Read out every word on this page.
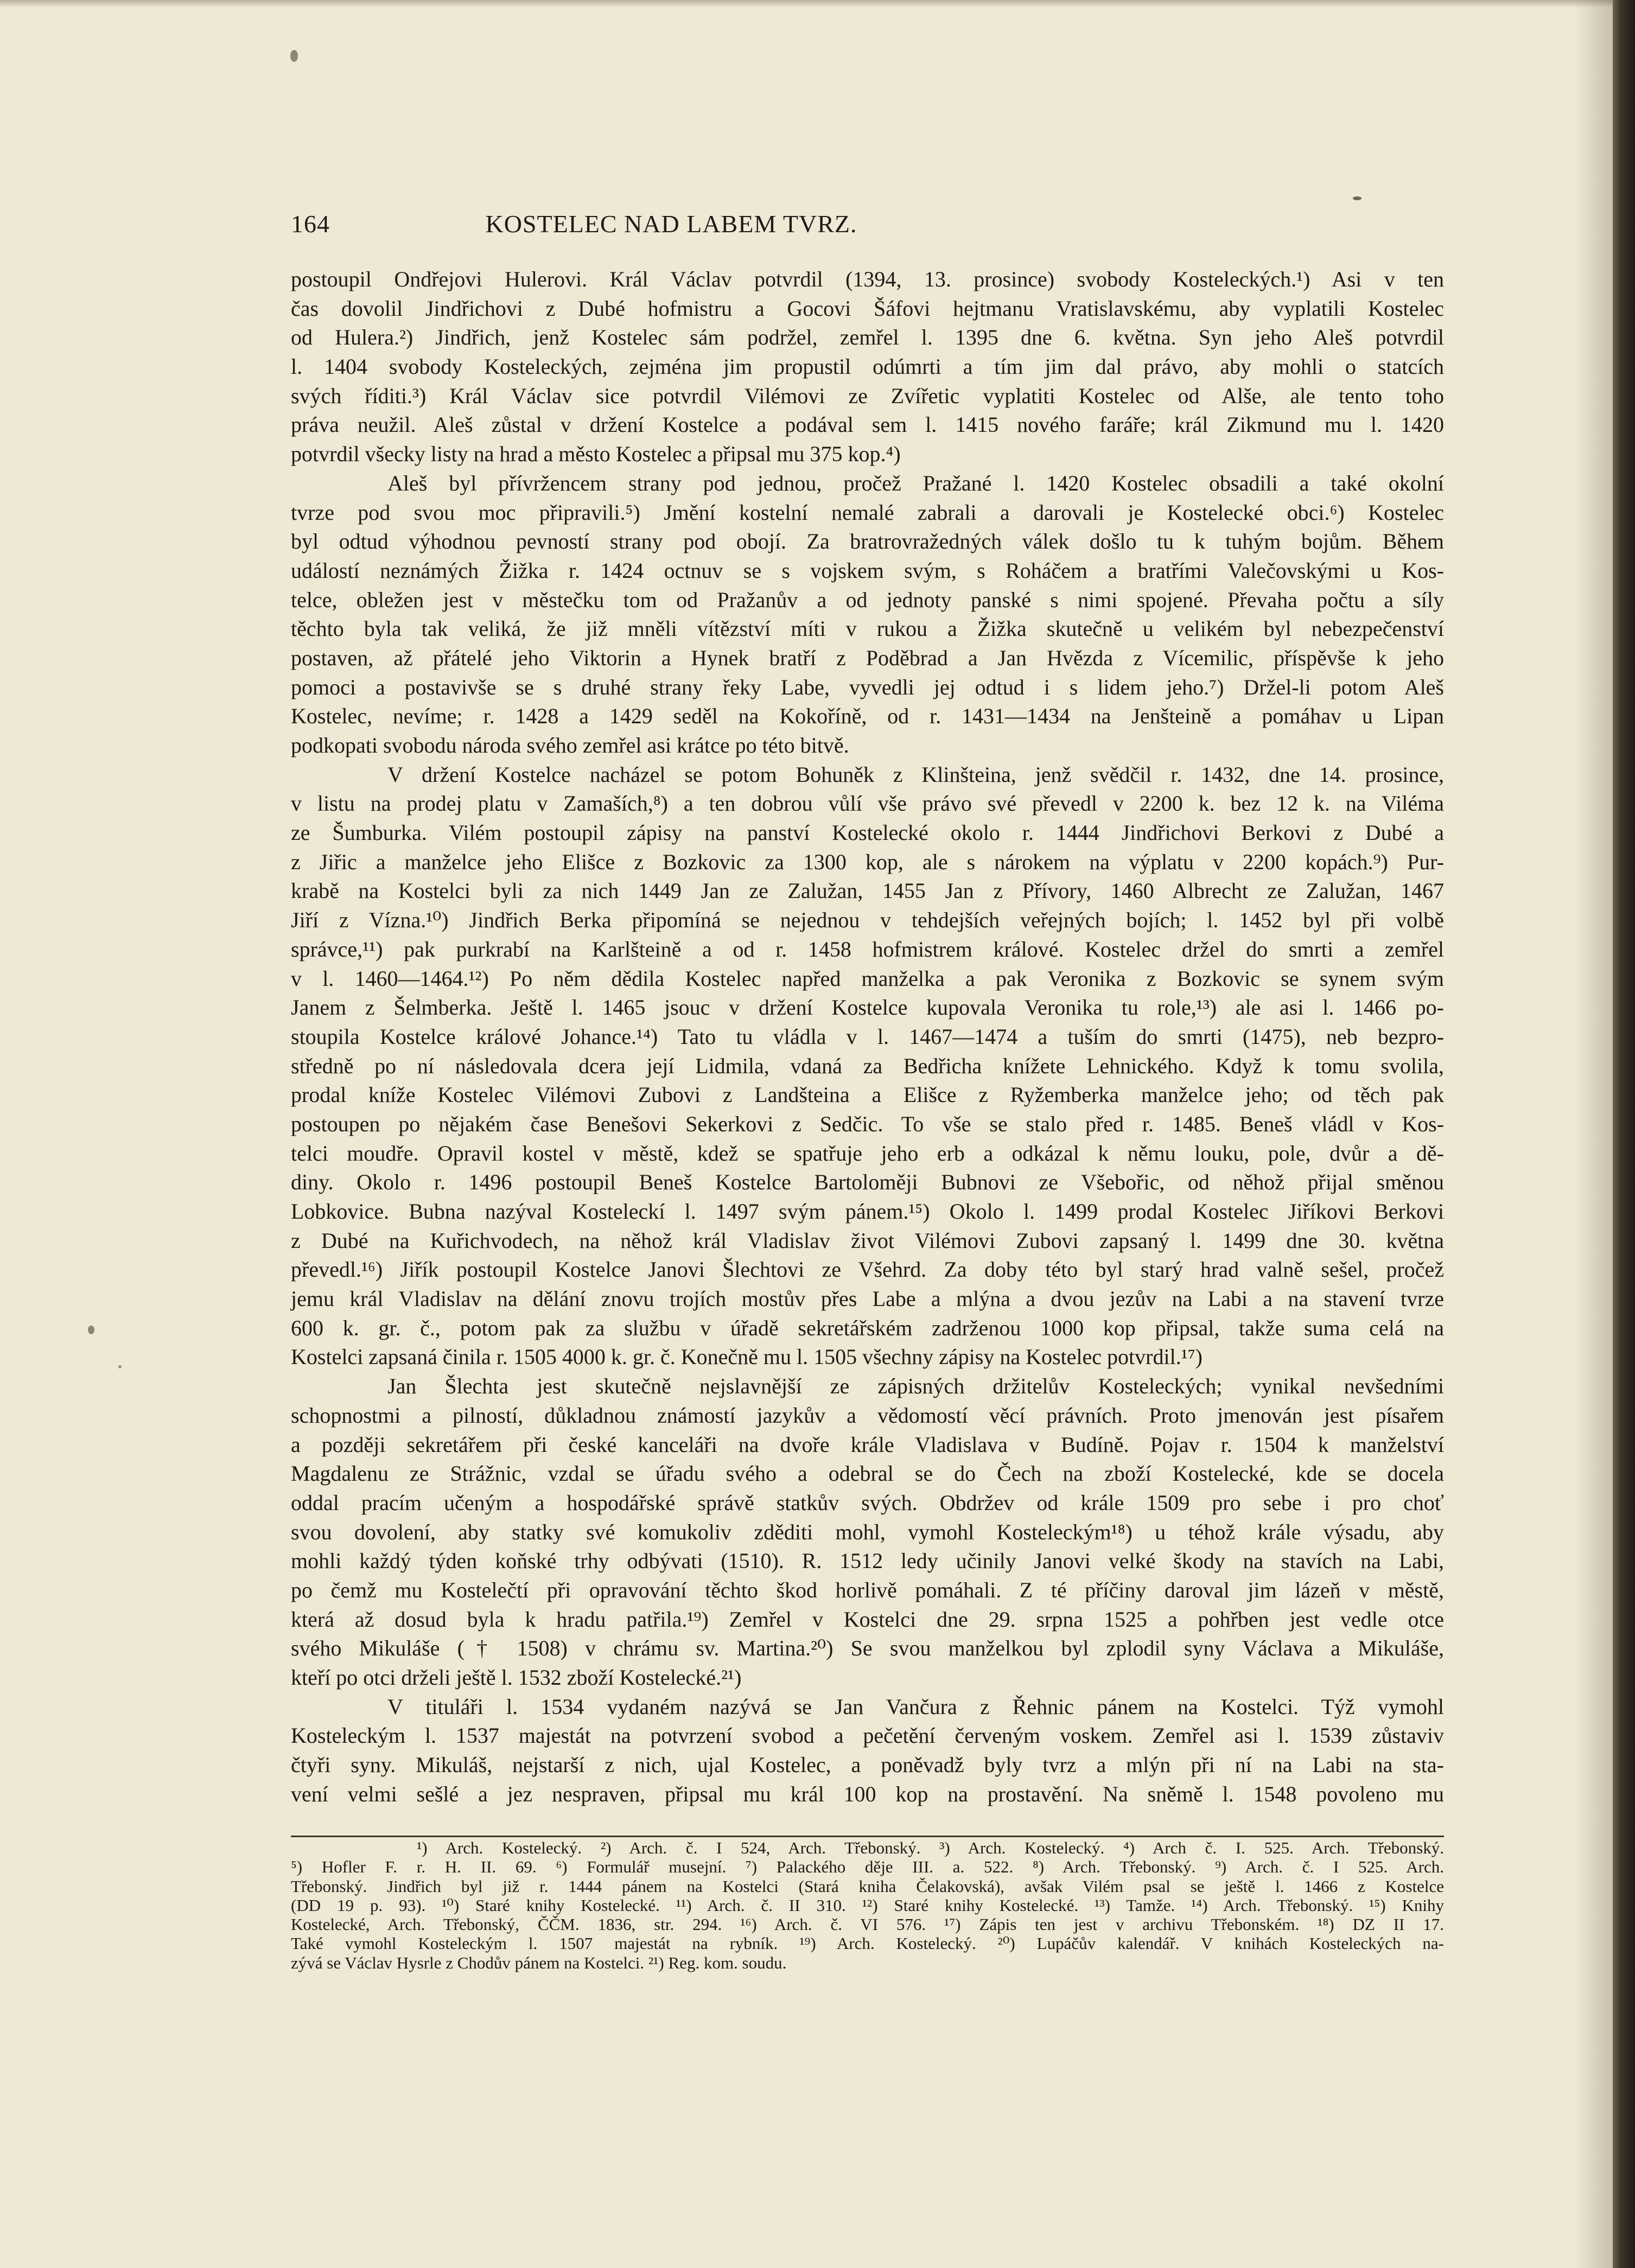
164	KOSTELEC NAD LABEM TVRZ.
postoupil Ondřejovi Hulerovi. Král Václav potvrdil (1394, 13. prosince) svobody Kosteleckých.¹) Asi v ten
čas dovolil Jindřichovi z Dubé hofmistru a Gocovi Šáfovi hejtmanu Vratislavskému, aby vyplatili Kostelec
od Hulera.²) Jindřich, jenž Kostelec sám podržel, zemřel l. 1395 dne 6. května. Syn jeho Aleš potvrdil
l. 1404 svobody Kosteleckých, zejména jim propustil odúmrti a tím jim dal právo, aby mohli o statcích
svých říditi.³) Král Václav sice potvrdil Vilémovi ze Zvířetic vyplatiti Kostelec od Alše, ale tento toho
práva neužil. Aleš zůstal v držení Kostelce a podával sem l. 1415 nového faráře; král Zikmund mu l. 1420
potvrdil všecky listy na hrad a město Kostelec a připsal mu 375 kop.⁴)
Aleš byl přívržencem strany pod jednou, pročež Pražané l. 1420 Kostelec obsadili a také okolní
tvrze pod svou moc připravili.⁵) Jmění kostelní nemalé zabrali a darovali je Kostelecké obci.⁶) Kostelec
byl odtud výhodnou pevností strany pod obojí. Za bratrovražedných válek došlo tu k tuhým bojům. Během
událostí neznámých Žižka r. 1424 octnuv se s vojskem svým, s Roháčem a bratřími Valečovskými u Kos-
telce, obležen jest v městečku tom od Pražanův a od jednoty panské s nimi spojené. Převaha počtu a síly
těchto byla tak veliká, že již mněli vítězství míti v rukou a Žižka skutečně u velikém byl nebezpečenství
postaven, až přátelé jeho Viktorin a Hynek bratří z Poděbrad a Jan Hvězda z Vícemilic, příspěvše k jeho
pomoci a postavivše se s druhé strany řeky Labe, vyvedli jej odtud i s lidem jeho.⁷) Držel-li potom Aleš
Kostelec, nevíme; r. 1428 a 1429 seděl na Kokoříně, od r. 1431—1434 na Jenšteině a pomáhav u Lipan
podkopati svobodu národa svého zemřel asi krátce po této bitvě.
V držení Kostelce nacházel se potom Bohuněk z Klinšteina, jenž svědčil r. 1432, dne 14. prosince,
v listu na prodej platu v Zamaších,⁸) a ten dobrou vůlí vše právo své převedl v 2200 k. bez 12 k. na Viléma
ze Šumburka. Vilém postoupil zápisy na panství Kostelecké okolo r. 1444 Jindřichovi Berkovi z Dubé a
z Jiřic a manželce jeho Elišce z Bozkovic za 1300 kop, ale s nárokem na výplatu v 2200 kopách.⁹) Pur-
krabě na Kostelci byli za nich 1449 Jan ze Zalužan, 1455 Jan z Přívory, 1460 Albrecht ze Zalužan, 1467
Jiří z Vízna.¹⁰) Jindřich Berka připomíná se nejednou v tehdejších veřejných bojích; l. 1452 byl při volbě
správce,¹¹) pak purkrabí na Karlšteině a od r. 1458 hofmistrem králové. Kostelec držel do smrti a zemřel
v l. 1460—1464.¹²) Po něm dědila Kostelec napřed manželka a pak Veronika z Bozkovic se synem svým
Janem z Šelmberka. Ještě l. 1465 jsouc v držení Kostelce kupovala Veronika tu role,¹³) ale asi l. 1466 po-
stoupila Kostelce králové Johance.¹⁴) Tato tu vládla v l. 1467—1474 a tuším do smrti (1475), neb bezpro-
středně po ní následovala dcera její Lidmila, vdaná za Bedřicha knížete Lehnického. Když k tomu svolila,
prodal kníže Kostelec Vilémovi Zubovi z Landšteina a Elišce z Ryžemberka manželce jeho; od těch pak
postoupen po nějakém čase Benešovi Sekerkovi z Sedčic. To vše se stalo před r. 1485. Beneš vládl v Kos-
telci moudře. Opravil kostel v městě, kdež se spatřuje jeho erb a odkázal k němu louku, pole, dvůr a dě-
diny. Okolo r. 1496 postoupil Beneš Kostelce Bartoloměji Bubnovi ze Všebořic, od něhož přijal směnou
Lobkovice. Bubna nazýval Kosteleckí l. 1497 svým pánem.¹⁵) Okolo l. 1499 prodal Kostelec Jiříkovi Berkovi
z Dubé na Kuřichvodech, na něhož král Vladislav život Vilémovi Zubovi zapsaný l. 1499 dne 30. května
převedl.¹⁶) Jiřík postoupil Kostelce Janovi Šlechtovi ze Všehrd. Za doby této byl starý hrad valně sešel, pročež
jemu král Vladislav na dělání znovu trojích mostův přes Labe a mlýna a dvou jezův na Labi a na stavení tvrze
600 k. gr. č., potom pak za službu v úřadě sekretářském zadrženou 1000 kop připsal, takže suma celá na
Kostelci zapsaná činila r. 1505 4000 k. gr. č. Konečně mu l. 1505 všechny zápisy na Kostelec potvrdil.¹⁷)
Jan Šlechta jest skutečně nejslavnější ze zápisných držitelův Kosteleckých; vynikal nevšedními
schopnostmi a pilností, důkladnou známostí jazykův a vědomostí věcí právních. Proto jmenován jest písařem
a později sekretářem při české kanceláři na dvoře krále Vladislava v Budíně. Pojav r. 1504 k manželství
Magdalenu ze Strážnic, vzdal se úřadu svého a odebral se do Čech na zboží Kostelecké, kde se docela
oddal pracím učeným a hospodářské správě statkův svých. Obdržev od krále 1509 pro sebe i pro choť
svou dovolení, aby statky své komukoliv zděditi mohl, vymohl Kosteleckým¹⁸) u téhož krále výsadu, aby
mohli každý týden koňské trhy odbývati (1510). R. 1512 ledy učinily Janovi velké škody na stavích na Labi,
po čemž mu Kostelečtí při opravování těchto škod horlivě pomáhali. Z té příčiny daroval jim lázeň v městě,
která až dosud byla k hradu patřila.¹⁹) Zemřel v Kostelci dne 29. srpna 1525 a pohřben jest vedle otce
svého Mikuláše († 1508) v chrámu sv. Martina.²⁰) Se svou manželkou byl zplodil syny Václava a Mikuláše,
kteří po otci drželi ještě l. 1532 zboží Kostelecké.²¹)
V tituláři l. 1534 vydaném nazývá se Jan Vančura z Řehnic pánem na Kostelci. Týž vymohl
Kosteleckým l. 1537 majestát na potvrzení svobod a pečetění červeným voskem. Zemřel asi l. 1539 zůstaviv
čtyři syny. Mikuláš, nejstarší z nich, ujal Kostelec, a poněvadž byly tvrz a mlýn při ní na Labi na sta-
vení velmi sešlé a jez nespraven, připsal mu král 100 kop na prostavění. Na sněmě l. 1548 povoleno mu
¹) Arch. Kostelecký. ²) Arch. č. I 524, Arch. Třebonský. ³) Arch. Kostelecký. ⁴) Arch č. I. 525. Arch. Třebonský.
⁵) Hofler F. r. H. II. 69. ⁶) Formulář musejní. ⁷) Palackého děje III. a. 522. ⁸) Arch. Třebonský. ⁹) Arch. č. I 525. Arch.
Třebonský. Jindřich byl již r. 1444 pánem na Kostelci (Stará kniha Čelakovská), avšak Vilém psal se ještě l. 1466 z Kostelce
(DD 19 p. 93). ¹⁰) Staré knihy Kostelecké. ¹¹) Arch. č. II 310. ¹²) Staré knihy Kostelecké. ¹³) Tamže. ¹⁴) Arch. Třebonský. ¹⁵) Knihy
Kostelecké, Arch. Třebonský, ČČM. 1836, str. 294. ¹⁶) Arch. č. VI 576. ¹⁷) Zápis ten jest v archivu Třebonském. ¹⁸) DZ II 17.
Také vymohl Kosteleckým l. 1507 majestát na rybník. ¹⁹) Arch. Kostelecký. ²⁰) Lupáčův kalendář. V knihách Kosteleckých na-
zývá se Václav Hysrle z Chodův pánem na Kostelci. ²¹) Reg. kom. soudu.
